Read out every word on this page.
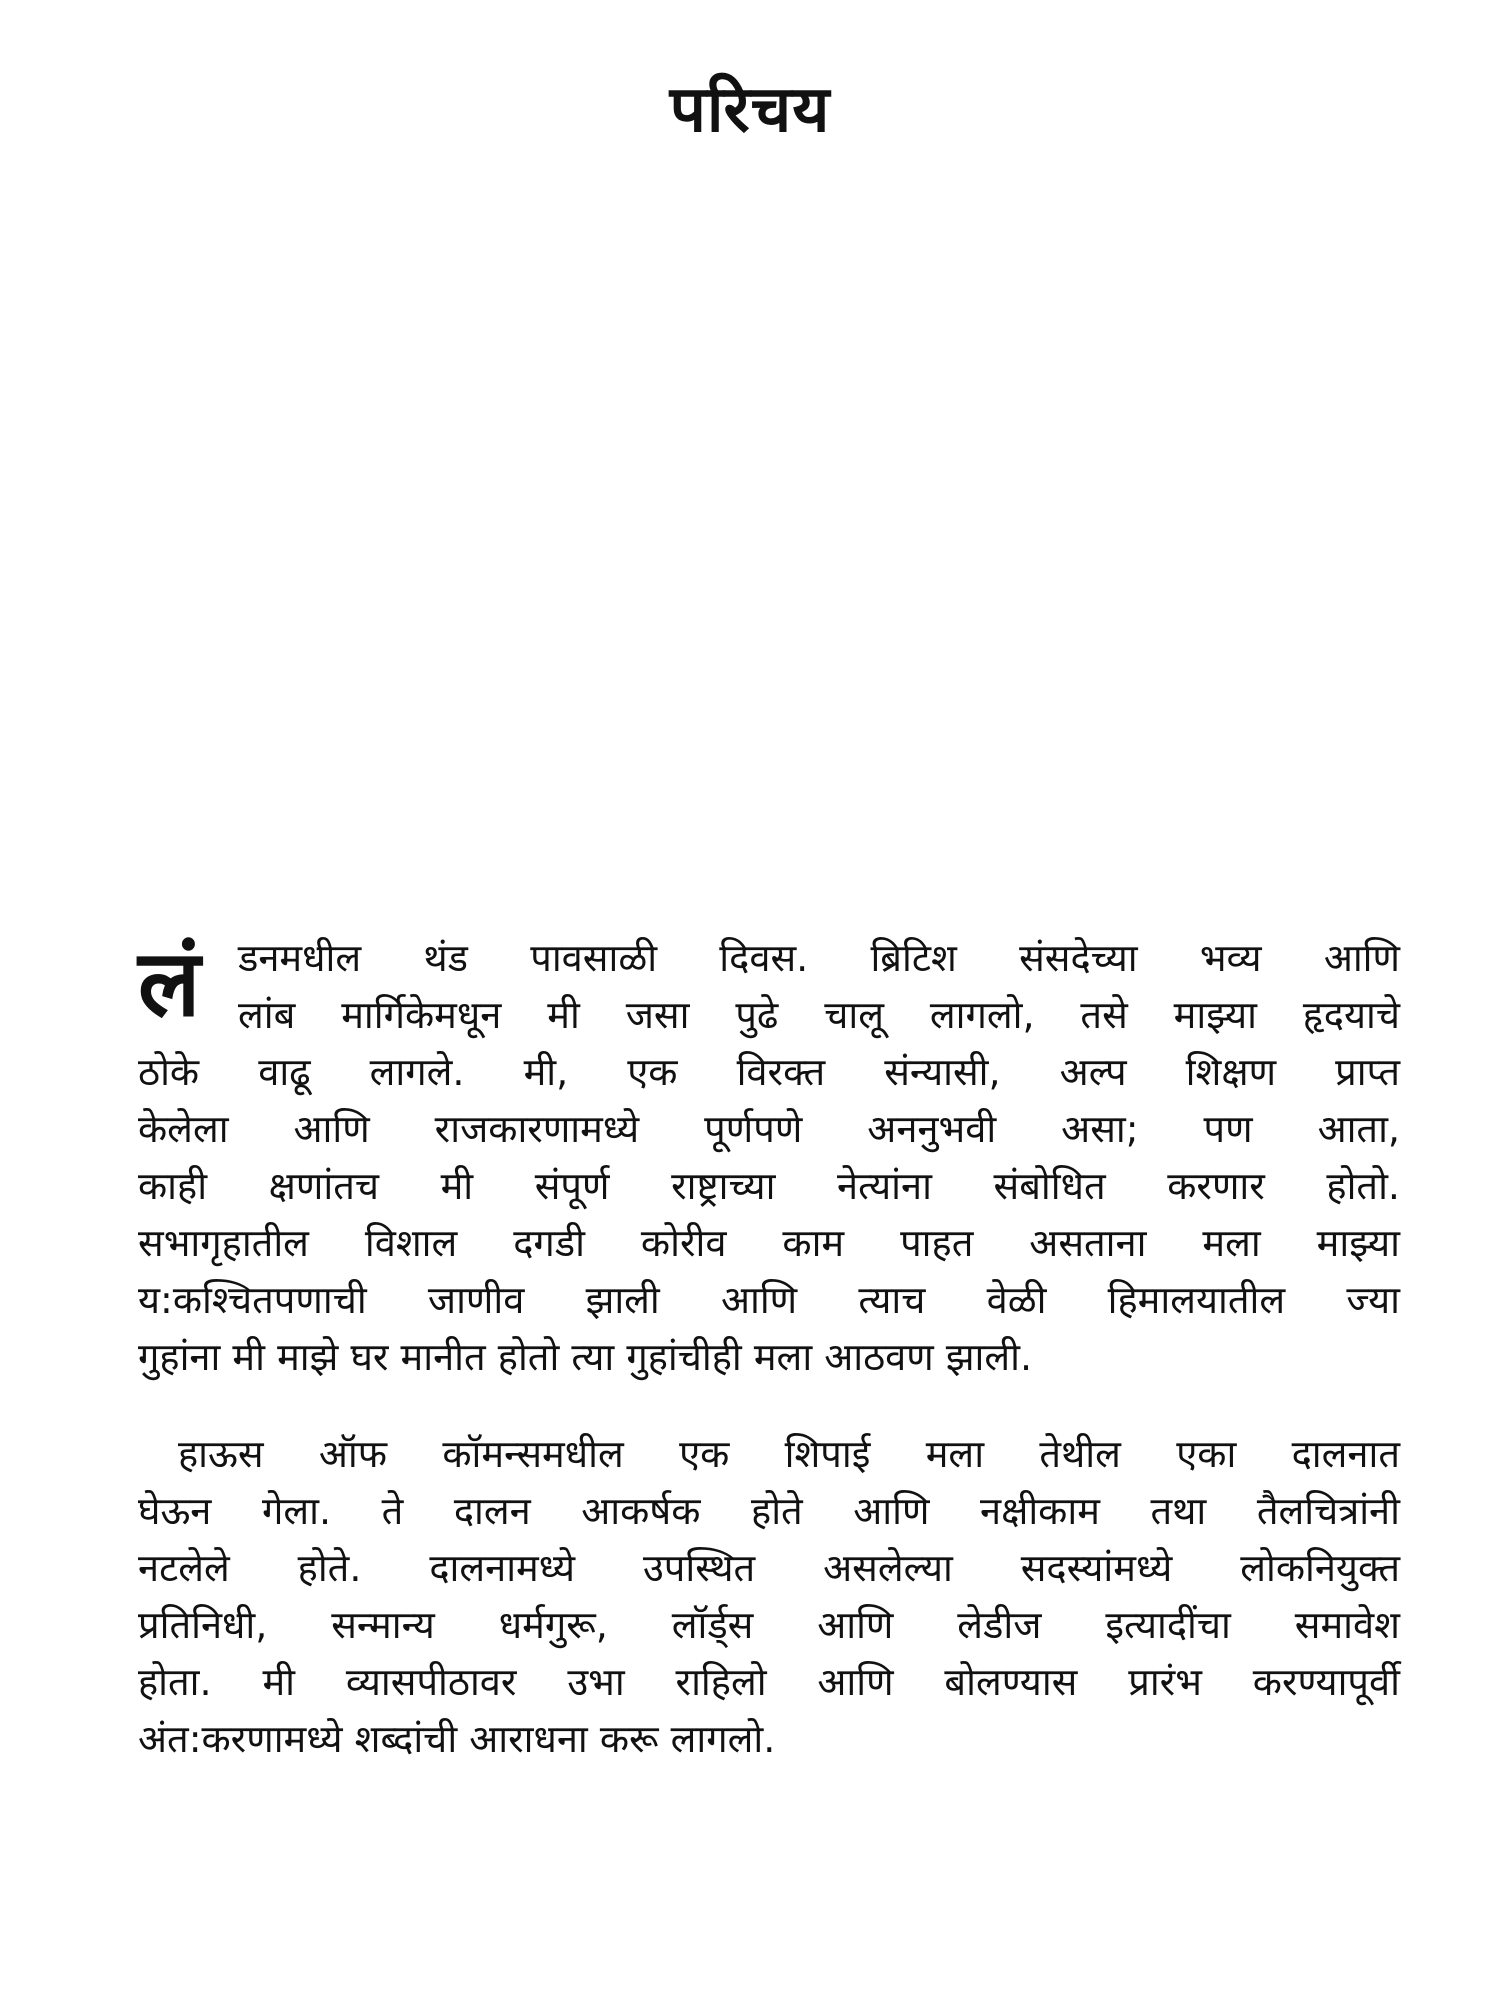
परिचय
लं डनमधील थंड पावसाळी दिवस. ब्रिटिश संसदेच्या भव्य आणि
लांब मार्गिकेमधून मी जसा पुढे चालू लागलो, तसे माझ्या हृदयाचे
ठोके वाढू लागले. मी, एक विरक्त संन्यासी, अल्प शिक्षण प्राप्त
केलेला आणि राजकारणामध्ये पूर्णपणे अननुभवी असा; पण आता,
काही क्षणांतच मी संपूर्ण राष्ट्राच्या नेत्यांना संबोधित करणार होतो.
सभागृहातील विशाल दगडी कोरीव काम पाहत असताना मला माझ्या
य:कश्चितपणाची जाणीव झाली आणि त्याच वेळी हिमालयातील ज्या
गुहांना मी माझे घर मानीत होतो त्या गुहांचीही मला आठवण झाली.
हाऊस ऑफ कॉमन्समधील एक शिपाई मला तेथील एका दालनात
घेऊन गेला. ते दालन आकर्षक होते आणि नक्षीकाम तथा तैलचित्रांनी
नटलेले होते. दालनामध्ये उपस्थित असलेल्या सदस्यांमध्ये लोकनियुक्त
प्रतिनिधी, सन्मान्य धर्मगुरू, लॉर्ड्स आणि लेडीज इत्यादींचा समावेश
होता. मी व्यासपीठावर उभा राहिलो आणि बोलण्यास प्रारंभ करण्यापूर्वी
अंत:करणामध्ये शब्दांची आराधना करू लागलो.
